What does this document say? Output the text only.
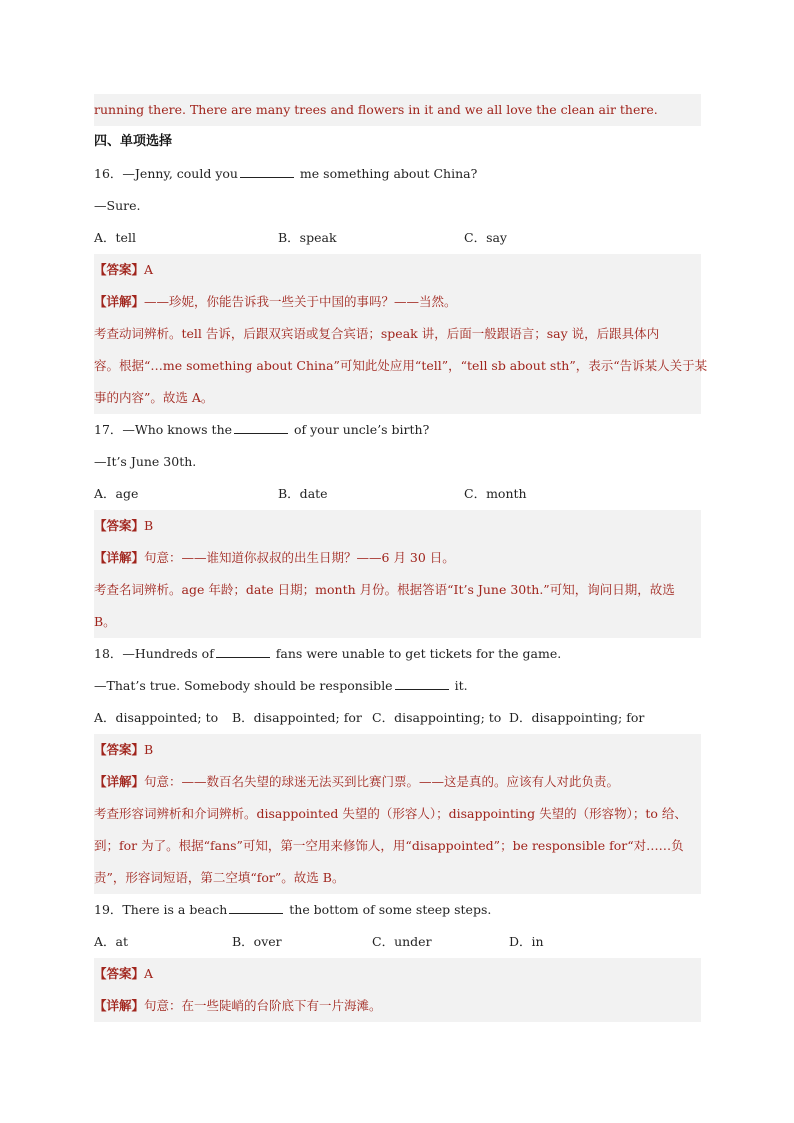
running there. There are many trees and flowers in it and we all love the clean air there.
四、单项选择
16．—Jenny, could you	me something about China?
—Sure.
A．tell	B．speak	C．say
【答案】A
【详解】——珍妮，你能告诉我一些关于中国的事吗？——当然。
考查动词辨析。tell 告诉，后跟双宾语或复合宾语；speak 讲，后面一般跟语言；say 说，后跟具体内
容。根据“…me something about China”可知此处应用“tell”，“tell sb about sth”，表示“告诉某人关于某
事的内容”。故选 A。
17．—Who knows the	of your uncle’s birth?
—It’s June 30th.
A．age	B．date	C．month
【答案】B
【详解】句意：——谁知道你叔叔的出生日期？——6 月 30 日。
考查名词辨析。age 年龄；date 日期；month 月份。根据答语“It’s June 30th.”可知，询问日期，故选
B。
18．—Hundreds of	fans were unable to get tickets for the game.
—That’s true. Somebody should be responsible	it.
A．disappointed; to B．disappointed; for C．disappointing; to D．disappointing; for
【答案】B
【详解】句意：——数百名失望的球迷无法买到比赛门票。——这是真的。应该有人对此负责。
考查形容词辨析和介词辨析。disappointed 失望的（形容人）；disappointing 失望的（形容物）；to 给、
到；for 为了。根据“fans”可知，第一空用来修饰人，用“disappointed”；be responsible for“对……负
责”，形容词短语，第二空填“for”。故选 B。
19．There is a beach	the bottom of some steep steps.
A．at	B．over	C．under	D．in
【答案】A
【详解】句意：在一些陡峭的台阶底下有一片海滩。
